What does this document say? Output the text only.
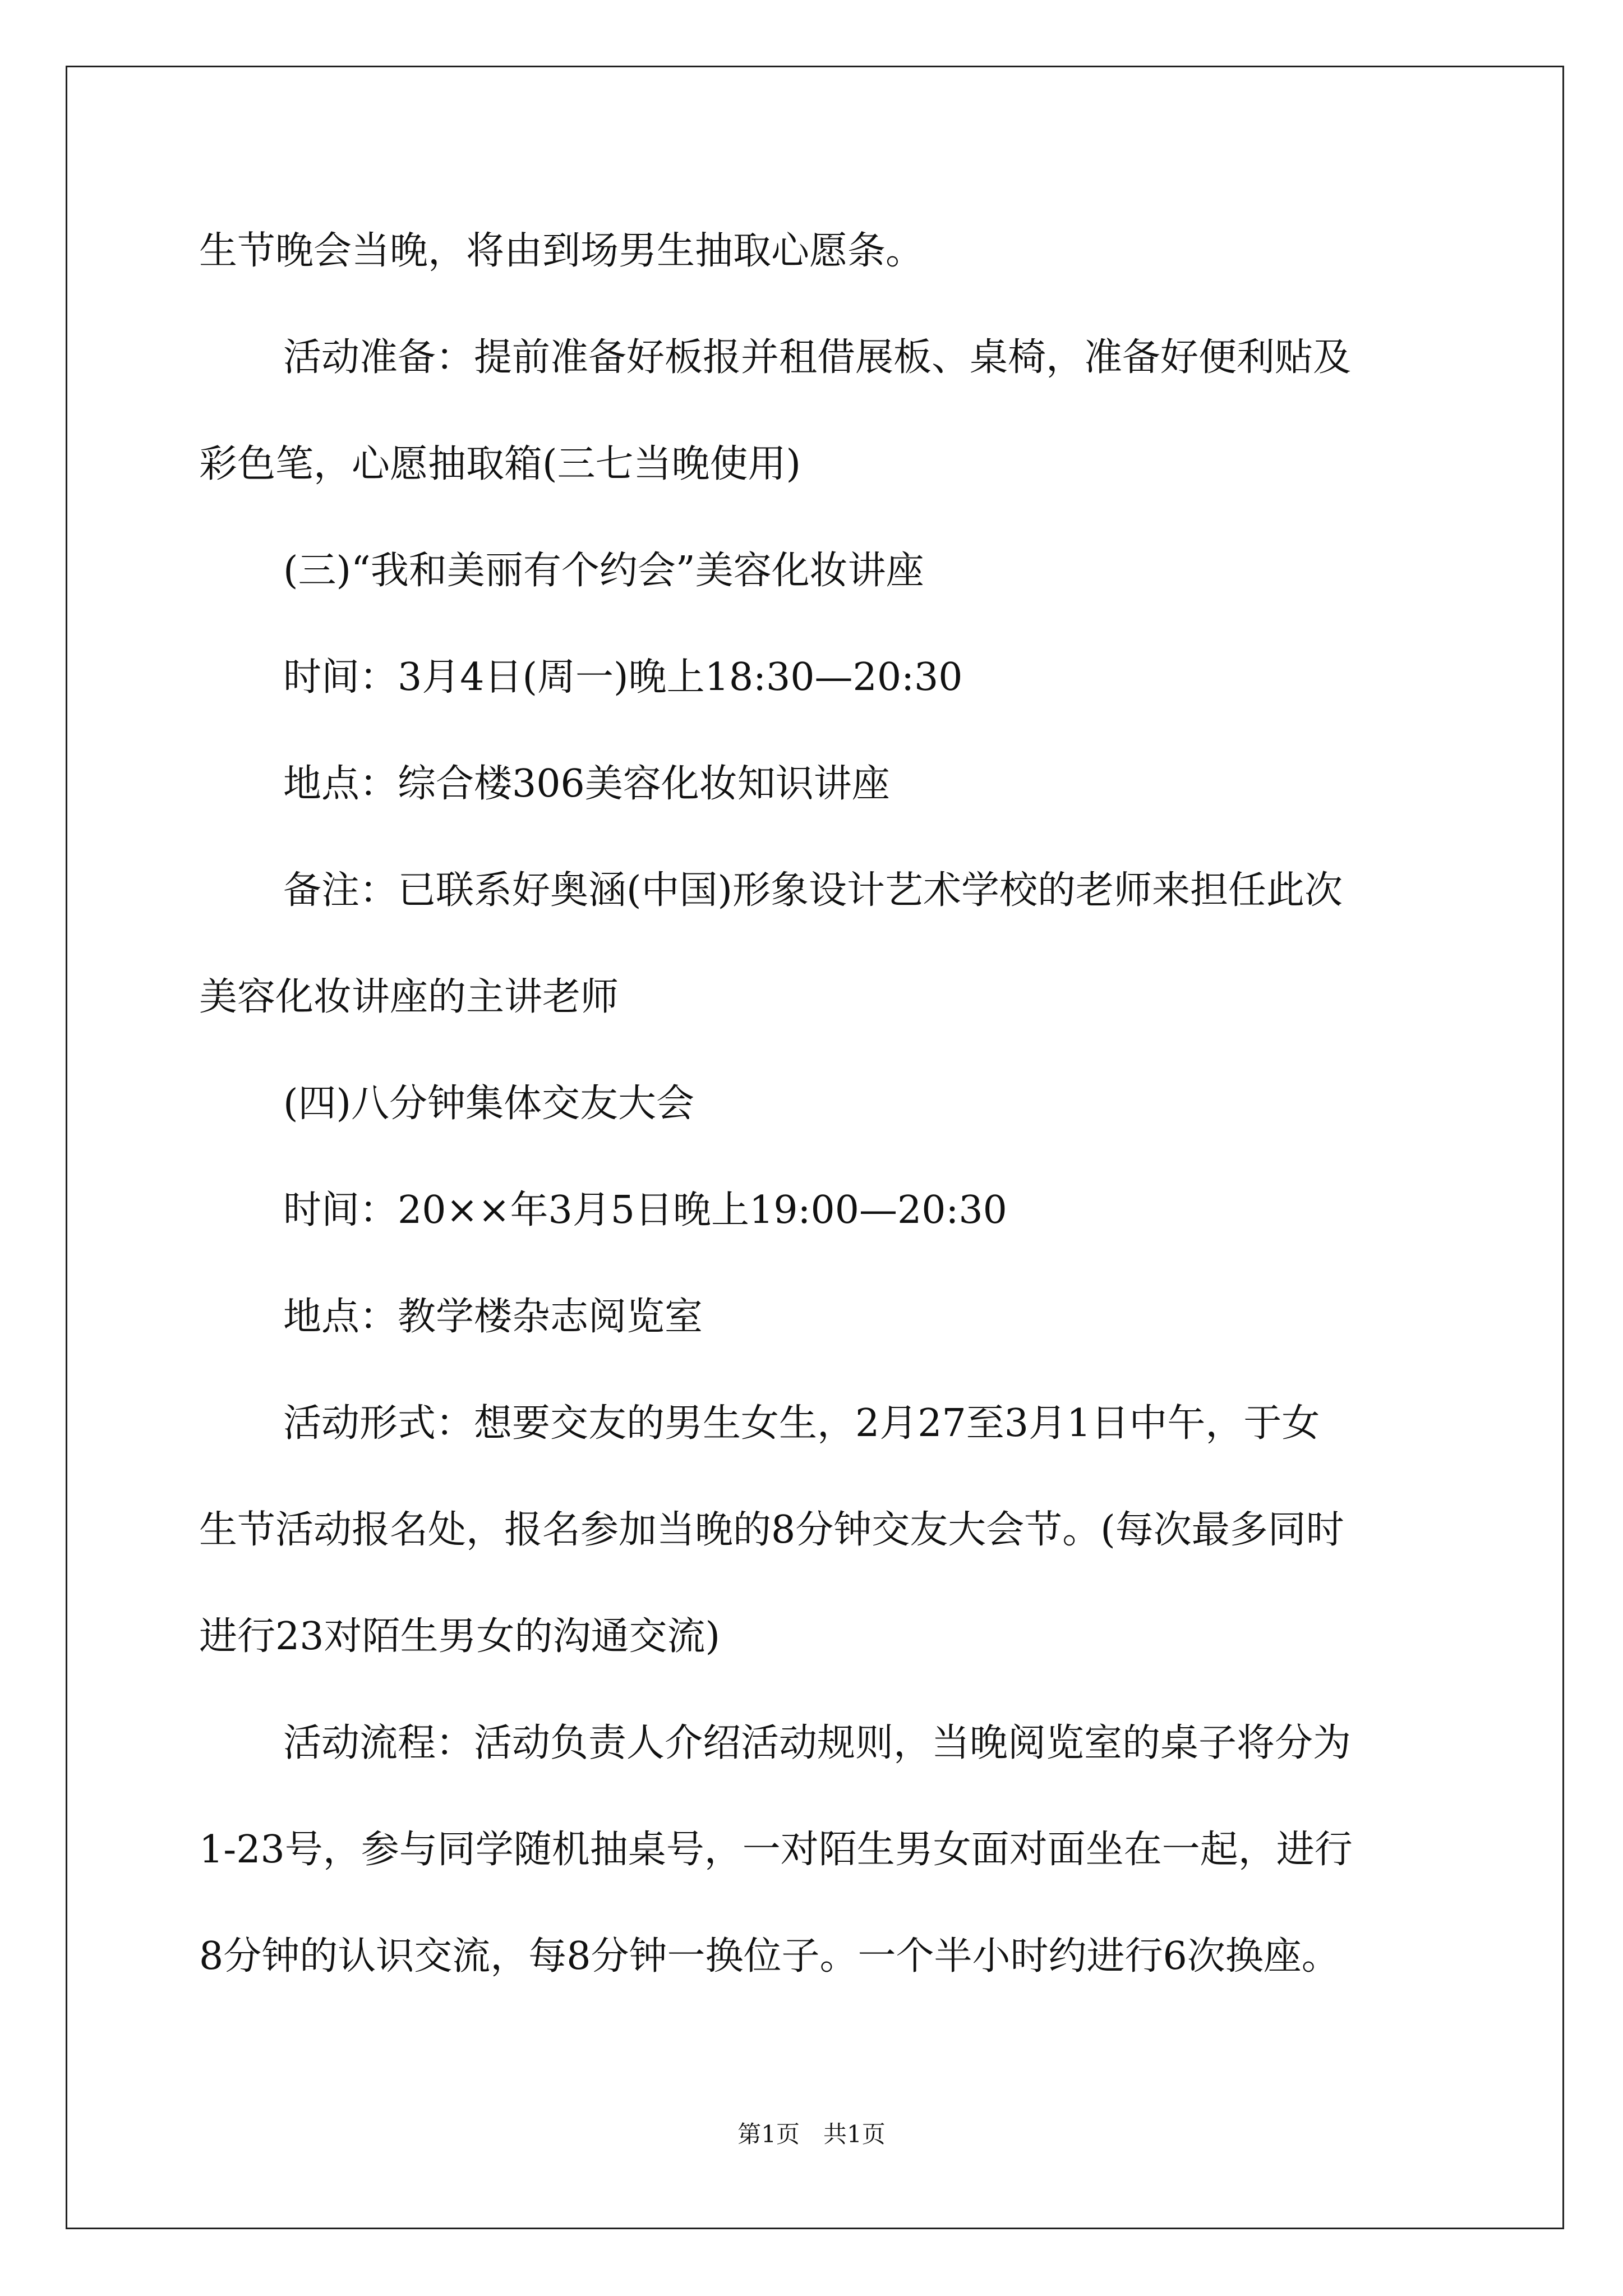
生节晚会当晚，将由到场男生抽取心愿条。

活动准备：提前准备好板报并租借展板、桌椅，准备好便利贴及

彩色笔，心愿抽取箱(三七当晚使用)

(三)“我和美丽有个约会”美容化妆讲座

时间：3月4日(周一)晚上18:30—20:30

地点：综合楼306美容化妆知识讲座

备注：已联系好奥涵(中国)形象设计艺术学校的老师来担任此次

美容化妆讲座的主讲老师

(四)八分钟集体交友大会

时间：20××年3月5日晚上19:00—20:30

地点：教学楼杂志阅览室

活动形式：想要交友的男生女生，2月27至3月1日中午，于女

生节活动报名处，报名参加当晚的8分钟交友大会节。(每次最多同时

进行23对陌生男女的沟通交流)

活动流程：活动负责人介绍活动规则，当晚阅览室的桌子将分为

1-23号，参与同学随机抽桌号，一对陌生男女面对面坐在一起，进行

8分钟的认识交流，每8分钟一换位子。一个半小时约进行6次换座。

第1页　共1页
